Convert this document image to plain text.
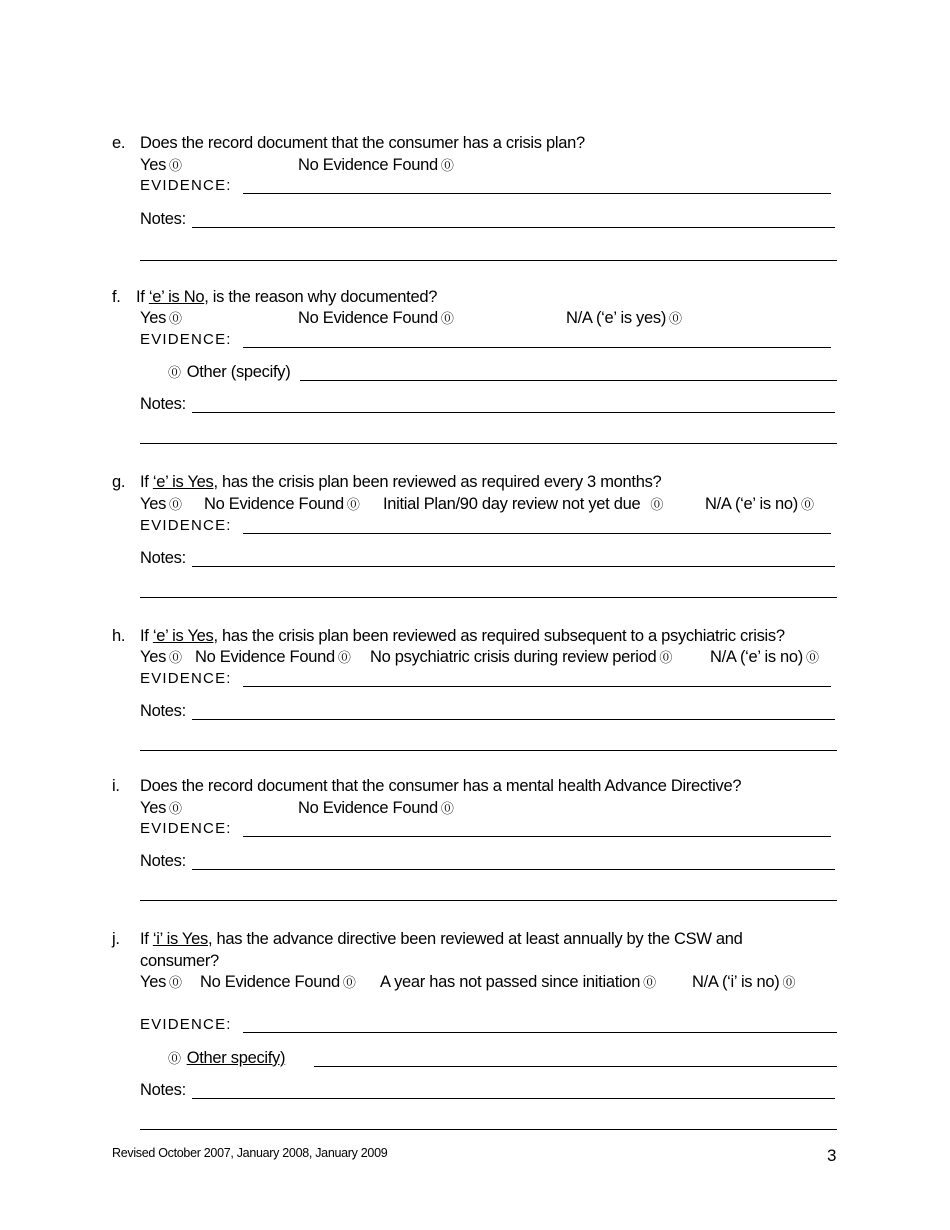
e. Does the record document that the consumer has a crisis plan?
Yes ⓪	No Evidence Found ⓪
EVIDENCE:
Notes:
f. If ‘e’ is No, is the reason why documented?
Yes ⓪	No Evidence Found ⓪	N/A (‘e’ is yes) ⓪
EVIDENCE:
⓪ Other (specify)
Notes:
g. If ‘e’ is Yes, has the crisis plan been reviewed as required every 3 months?
Yes ⓪ No Evidence Found ⓪ Initial Plan/90 day review not yet due ⓪	N/A (‘e’ is no) ⓪
EVIDENCE:
Notes:
h. If ‘e’ is Yes, has the crisis plan been reviewed as required subsequent to a psychiatric crisis?
Yes ⓪ No Evidence Found ⓪ No psychiatric crisis during review period ⓪ N/A (‘e’ is no) ⓪
EVIDENCE:
Notes:
i. Does the record document that the consumer has a mental health Advance Directive?
Yes ⓪	No Evidence Found ⓪
EVIDENCE:
Notes:
j. If ‘i’ is Yes, has the advance directive been reviewed at least annually by the CSW and
consumer?
Yes ⓪ No Evidence Found ⓪ A year has not passed since initiation ⓪ N/A (‘i’ is no) ⓪
EVIDENCE:
⓪ Other specify)
Notes:
Revised October 2007, January 2008, January 2009	3
